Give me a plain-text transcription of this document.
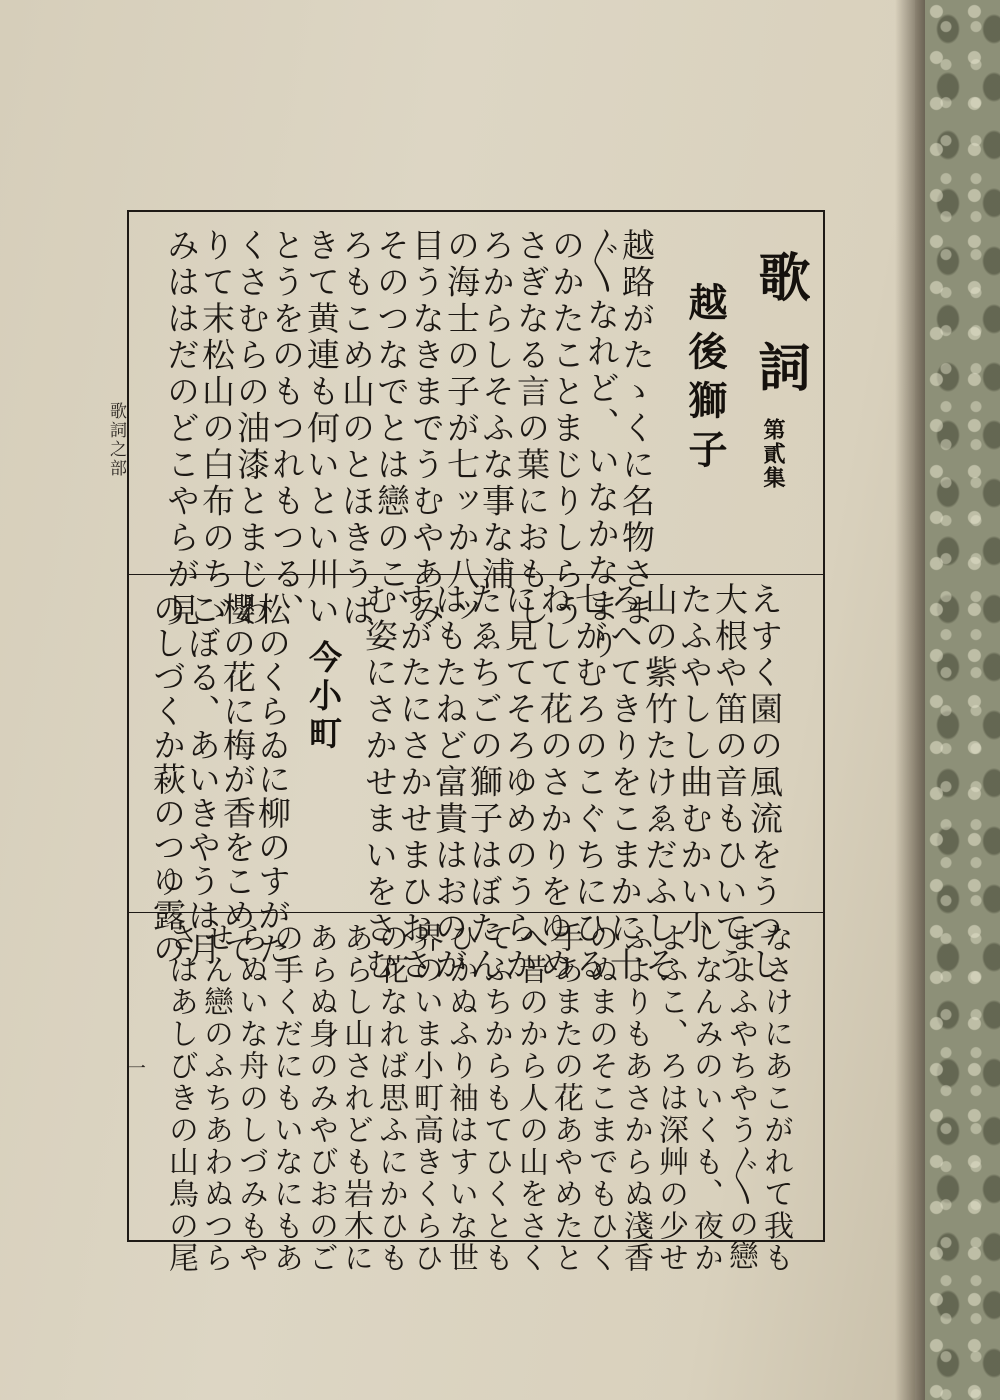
歌詞之部
一
歌詞
第貳集
越後獅子
今小町
越路がたゝくに名物さま
〴〵なれど、いなかなまり
のかたことまじりしらう
さぎなる言の葉におもし
ろからしそふな事な浦
の海士の子が七ッか八ッ
目うなきまでうむやあみ
そのつなでとは戀のこ、
ろもこめ山のとほきうは
きて黄連も何いとい川い
とうをのもつれもつる、
くさむらの油漆とまじわ
りて末松山の白布のちゞ
みははだのどこやらが見
えすく園の風流をうつし
大根や笛の音もひいてう
たふやしし曲むかい小
山の紫竹たけゑだふしそ
ろへてきりをこまかに十
七がむろのこぐちにひる
ねして花のさかりをゆめ
に見てそろゆめのうらか
たゑちごの獅子はぼたん
はもたねど富貴はおのが
すがたにさかせまひおさ
む姿にさかせまいをさむ
松のくらゐに柳のすがた
櫻の花に梅が香をこめて
こぼる、あいきやうは月
のしづくか萩のつゆ露の
なさけにあこがれて我も
まよふやちやう〴〵の戀
しなんみのいくも、夜か
よふこ、ろは深艸の少せ
ふよりもあさからぬ淺香
のぬまのそこまでもひく
手あまたの花あやめたと
へ昔のから人の山をさく
てふちからもてひくとも
ひかぬふり袖はすいな世
界のいま小町高きくらひ
の花なれば思ふにかひも
あらし山されども岩木に
あらぬ身のみやびおのご
の手くだにもいなにもあ
らぬいな舟のしづみもや
せん戀のふちあわぬつら
さはあしびきの山鳥の尾
